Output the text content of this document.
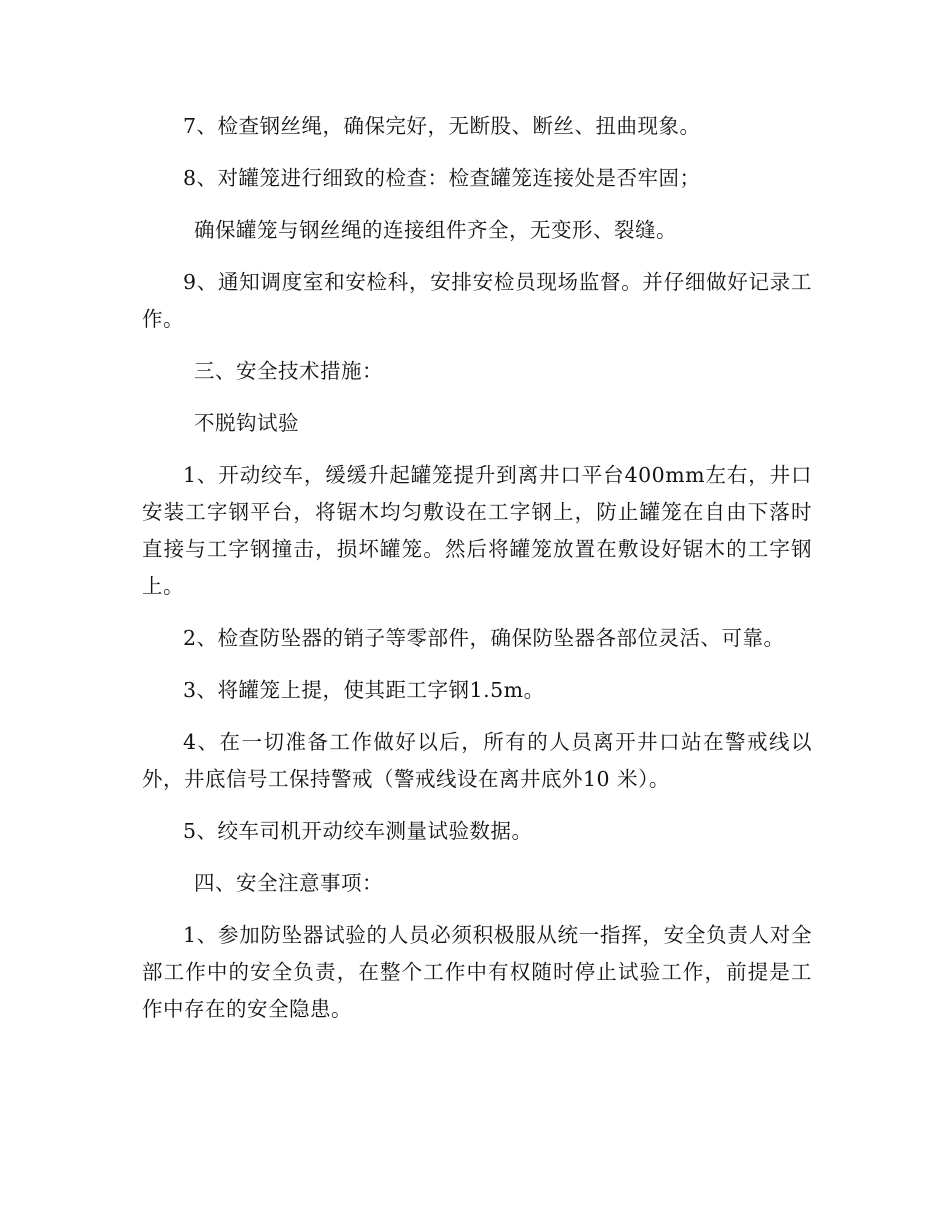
7、检查钢丝绳，确保完好，无断股、断丝、扭曲现象。

8、对罐笼进行细致的检查：检查罐笼连接处是否牢固；

确保罐笼与钢丝绳的连接组件齐全，无变形、裂缝。

9、通知调度室和安检科，安排安检员现场监督。并仔细做好记录工作。

三、安全技术措施：

不脱钩试验

1、开动绞车，缓缓升起罐笼提升到离井口平台400mm左右，井口安装工字钢平台，将锯木均匀敷设在工字钢上，防止罐笼在自由下落时直接与工字钢撞击，损坏罐笼。然后将罐笼放置在敷设好锯木的工字钢上。

2、检查防坠器的销子等零部件，确保防坠器各部位灵活、可靠。

3、将罐笼上提，使其距工字钢1.5m。

4、在一切准备工作做好以后，所有的人员离开井口站在警戒线以外，井底信号工保持警戒（警戒线设在离井底外10 米）。

5、绞车司机开动绞车测量试验数据。

四、安全注意事项：

1、参加防坠器试验的人员必须积极服从统一指挥，安全负责人对全部工作中的安全负责，在整个工作中有权随时停止试验工作，前提是工作中存在的安全隐患。
